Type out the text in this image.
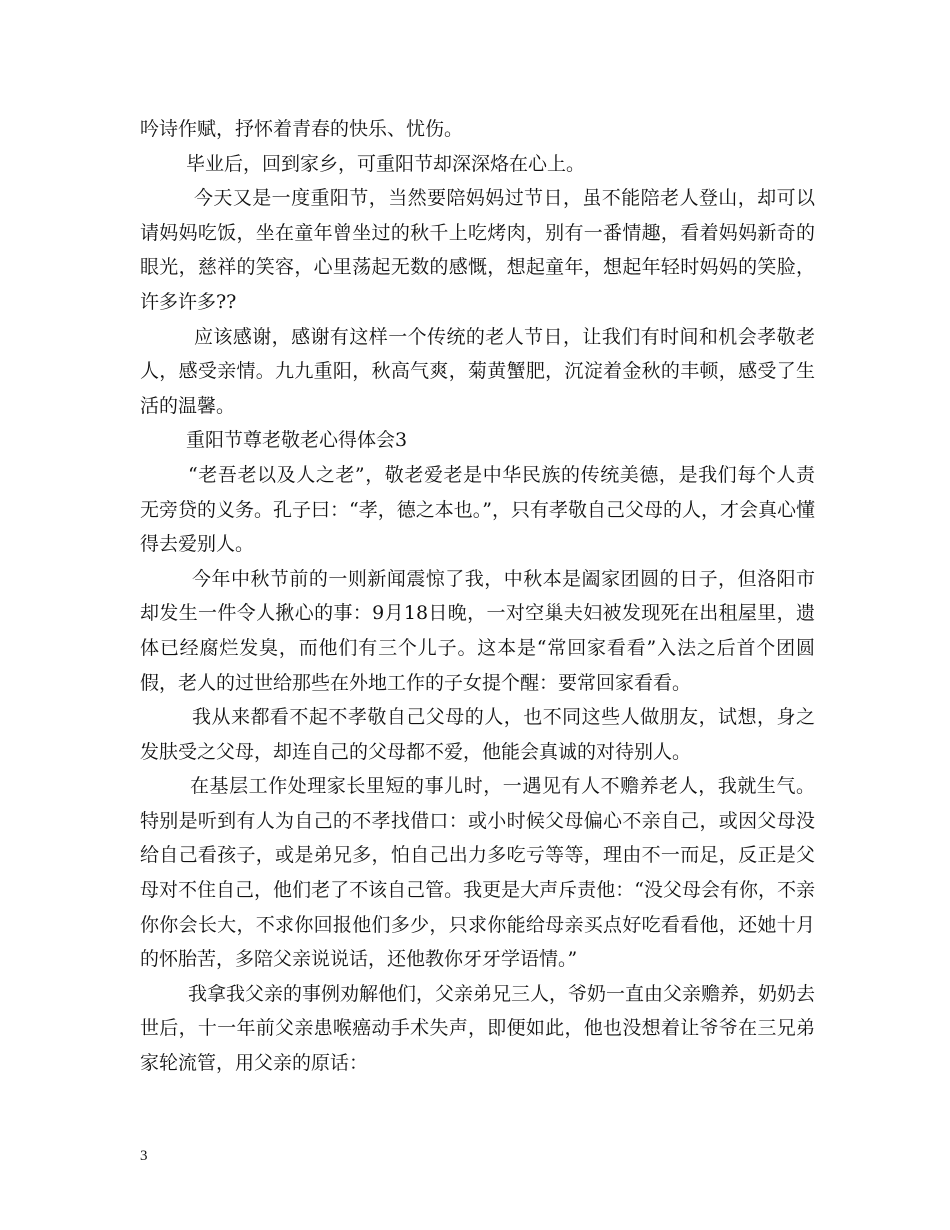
吟诗作赋，抒怀着青春的快乐、忧伤。

毕业后，回到家乡，可重阳节却深深烙在心上。

今天又是一度重阳节，当然要陪妈妈过节日，虽不能陪老人登山，却可以请妈妈吃饭，坐在童年曾坐过的秋千上吃烤肉，别有一番情趣，看着妈妈新奇的眼光，慈祥的笑容，心里荡起无数的感慨，想起童年，想起年轻时妈妈的笑脸，许多许多??

应该感谢，感谢有这样一个传统的老人节日，让我们有时间和机会孝敬老人，感受亲情。九九重阳，秋高气爽，菊黄蟹肥，沉淀着金秋的丰顿，感受了生活的温馨。

重阳节尊老敬老心得体会3

“老吾老以及人之老”，敬老爱老是中华民族的传统美德，是我们每个人责无旁贷的义务。孔子曰：“孝，德之本也。”，只有孝敬自己父母的人，才会真心懂得去爱别人。

今年中秋节前的一则新闻震惊了我，中秋本是阖家团圆的日子，但洛阳市却发生一件令人揪心的事：9月18日晚，一对空巢夫妇被发现死在出租屋里，遗体已经腐烂发臭，而他们有三个儿子。这本是“常回家看看”入法之后首个团圆假，老人的过世给那些在外地工作的子女提个醒：要常回家看看。

我从来都看不起不孝敬自己父母的人，也不同这些人做朋友，试想，身之发肤受之父母，却连自己的父母都不爱，他能会真诚的对待别人。

在基层工作处理家长里短的事儿时，一遇见有人不赡养老人，我就生气。特别是听到有人为自己的不孝找借口：或小时候父母偏心不亲自己，或因父母没给自己看孩子，或是弟兄多，怕自己出力多吃亏等等，理由不一而足，反正是父母对不住自己，他们老了不该自己管。我更是大声斥责他：“没父母会有你，不亲你你会长大，不求你回报他们多少，只求你能给母亲买点好吃看看他，还她十月的怀胎苦，多陪父亲说说话，还他教你牙牙学语情。”

我拿我父亲的事例劝解他们，父亲弟兄三人，爷奶一直由父亲赡养，奶奶去世后，十一年前父亲患喉癌动手术失声，即便如此，他也没想着让爷爷在三兄弟家轮流管，用父亲的原话：

3
